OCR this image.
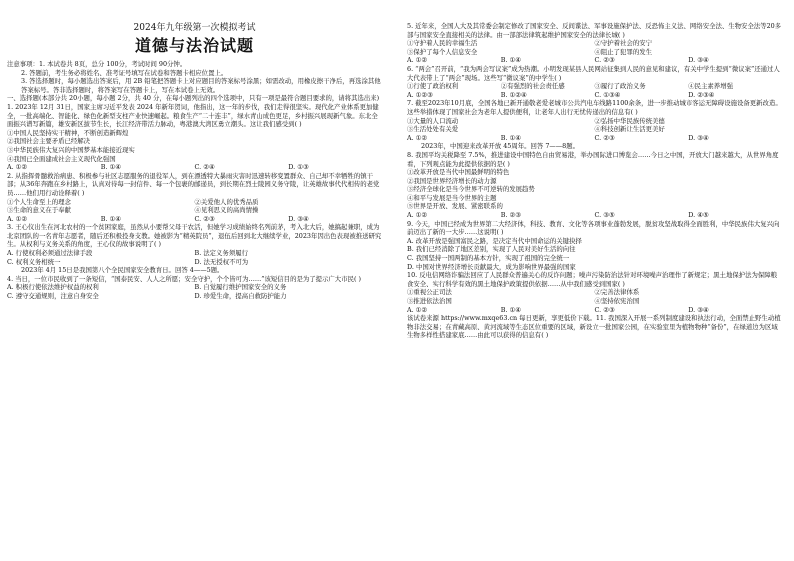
2024年九年级第一次模拟考试

道德与法治试题

注意事项：1. 本试卷共 8页，总分 100分，考试时间 90分钟。

2. 答题前，考生务必将姓名、准考证号填写在试卷和答题卡相应位置上。

3. 答选择题时，每小题选出答案后，用 2B 铅笔把答题卡上对应题目的答案标号涂黑；如需改动，用橡皮擦干净后，再选涂其他答案标号。答非选择题时，将答案写在答题卡上，写在本试卷上无效。

一、选择题(本部分共 20小题，每小题 2分，共 40 分，在每小题列出的四个选项中，只有一项是最符合题目要求的，请将其选出来)

1. 2023年 12月 31日，国家主席习近平发表 2024 年新年贺词，他指出，这一年的步伐，我们走得很坚实。现代化产业体系更加健全，一批高端化、智能化、绿色化新型支柱产业快速崛起。粮食生产“二十连丰”，绿水青山成色更足，乡村振兴展现新气象。东北全面振兴谱写新篇，雄安新区拔节生长，长江经济带活力脉动，粤港澳大湾区勇立潮头。这让我们感受到( )

①中国人民坚持实干精神，不断创造新辉煌

②我国社会主要矛盾已经解决

③中华民族伟大复兴的中国梦基本能接近现实

④我国已全面建成社会主义现代化强国

A. ①②	B. ①④	C. ②④	D. ①③

2. 从指挥骨髓救治病患、积极参与社区志愿服务的退役军人，到在漂透特大暴雨灾害时迅速转移变置群众、自己却不幸牺牲的镇干部；从36年奔跑在乡村路上，认真对待每一封信件、每一个包裹的邮递员，到长期在烈士陵园义务守陵，让英雄故事代代相传的老党员……他们用行动诠释着( )

①个人生命至上的理念	②关爱他人的优秀品质
③生命的意义在于奉献	④见利思义的高尚情操
A. ①②	B. ①④	C. ②③	D. ③④

3. 王心仪出生在河北农村的一个贫困家庭，虽然从小要帮父母干农活，但她学习成绩始终名列前茅，考入北大后，她搞起兼职，成为北京团队的一名青年志愿者，随后还积极投身支教。她被影为“精英院员”，退伍后回到北大继续学业，2023年因出色表现被推送研究生。从权利与义务关系的角度，王心仪的故事说明了( )

A. 行使权利必须通过法律手段	B. 法定义务须履行
C. 权利义务相统一	D. 法无授权不可为

2023年 4月 15日是我国第八个全民国家安全教育日。回答 4——5题。

4. 当日，一位市民收到了一条短信，“国泰民安、人人之所愿；安全守护，个个皆可为……”该短信目的是为了提示广大市民( )

A. 积极行使依法维护权益的权利	B. 自觉履行维护国家安全的义务
C. 遵守交通规则，注意自身安全	D. 珍爱生命，提高自救防护能力

5. 近年来，全国人大及其常委会制定修改了国家安全、反间谍法、军事设施保护法、反恐怖主义法、网络安全法、生物安全法等20多部与国家安全直接相关的法律。由一部部法律筑起维护国家安全的法律长城( )

①守护着人民的幸福生活	②守护着社会的安宁
③保护了每个人信息安全	④阻止了犯罪的发生
A. ①②	B. ①④	C. ②③	D. ③④

6. “两会”召开前，“我为两会写议案”成为热潮。小明发现某县人民网站征集到人民的意见和建议，有关中学生提到“微议案”还通过人大代表带上了“两会”现场。这些写“微议案”的中学生( )

①行使了政治权利	②有强烈的社会责任感	③履行了政治义务	④民主素养增强
A. ①②③	B. ①②④	C. ①③④	D. ②③④

7. 截至2023年10月底，全国各地已新开通敬老爱老城市公共汽电车线路1100余条，进一步推动城市客运无障碍设施设备更新改造。这些举措体现了国家社会为老年人提供便利，让老年人出行无忧传递出的信息有( )

①大量的人口流动	②弘扬中华民族传统美德
③生活处处有关爱	④科技创新让生活更美好
A. ①②	B. ①④	C. ②③	D. ③④

2023年，中国迎来改革开放 45周年。回答 7——8题。

8. 我国平均关税降至 7.5%，推进建设中国特色自由贸易港，举办国际进口博览会……今日之中国，开放大门越来越大，从世界角度看，下列观点能为此提供依据的是( )

①改革开放是当代中国最鲜明的特色

②我国是世界经济增长的动力源

③经济全球化是当今世界不可逆转的发展趋势

④和平与发展是当今世界的主题

⑤世界是开放、发展、紧密联系的

A. ①②	B. ②③	C. ③⑤	D. ④⑤

9. 今天，中国已经成为世界第二大经济体，科技、教育、文化等各项事业蓬勃发展，脱贫攻坚战取得全面胜利，中华民族伟大复兴向前迈出了新的一大步……这说明( )

A. 改革开放是强国富民之路，是决定当代中国命运的关键抉择

B. 我们已经消除了地区差别，实现了人民对美好生活的向往

C. 我国坚持一国两制的基本方针，实现了祖国的完全统一

D. 中国对世界经济增长贡献最大，成为影响世界最强的国家

10. 反电信网络诈骗法回应了人民群众普遍关心的反诈问题；噪声污染防治法针对环境噪声治理作了新规定；黑土地保护法为保障粮食安全、实行科学有效的黑土地保护政策提供依据……从中我们感受到国家( )

①重视公正司法	②完善法律体系
③推进依法治国	④坚持依宪治国
A. ①②	B. ①④	C. ②③	D. ③④

该试卷来源 https://www.mxqe63.cn 每日更新，享更低价下载。11. 我国深入开展一系列制度建设和执法行动，全面禁止野生动植物非法交易；在青藏高原、黄河流域等生态区位重要的区域，新设立一批国家公园，在实验室里为植物物种“备份”，在绿道边为区域生物多样性搭建家底……由此可以获得的信息有( )
